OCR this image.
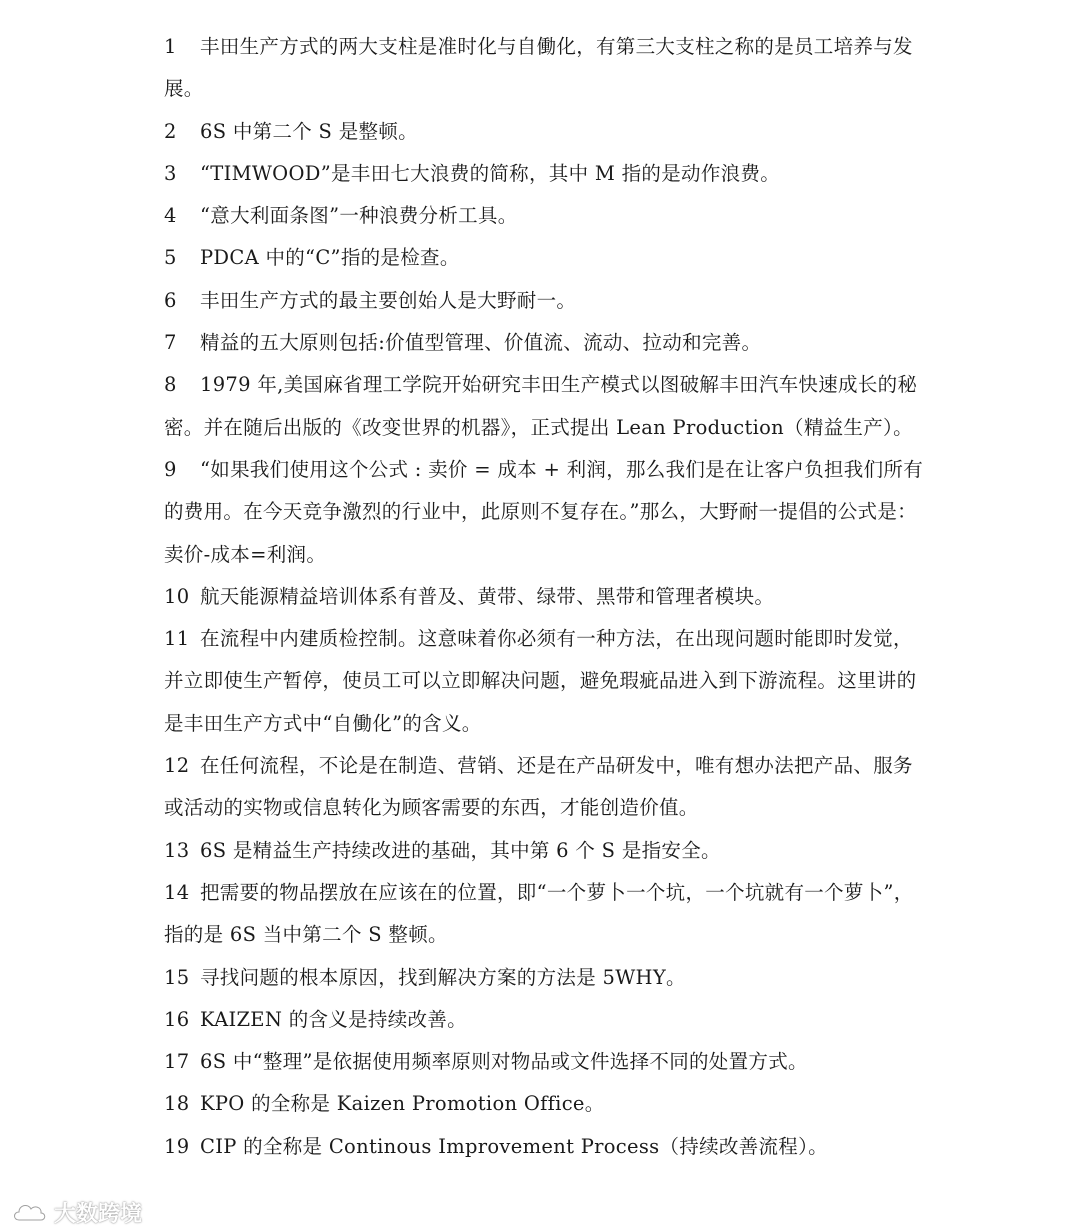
1 丰田生产方式的两大支柱是准时化与自働化，有第三大支柱之称的是员工培养与发展。

2 6S 中第二个 S 是整顿。

3 “TIMWOOD”是丰田七大浪费的简称，其中 M 指的是动作浪费。

4 “意大利面条图”一种浪费分析工具。

5 PDCA 中的“C”指的是检查。

6 丰田生产方式的最主要创始人是大野耐一。

7 精益的五大原则包括:价值型管理、价值流、流动、拉动和完善。

8 1979 年,美国麻省理工学院开始研究丰田生产模式以图破解丰田汽车快速成长的秘密。并在随后出版的《改变世界的机器》，正式提出 Lean Production（精益生产）。

9 “如果我们使用这个公式 : 卖价 = 成本 + 利润，那么我们是在让客户负担我们所有的费用。在今天竞争激烈的行业中，此原则不复存在。”那么，大野耐一提倡的公式是：卖价-成本=利润。

10 航天能源精益培训体系有普及、黄带、绿带、黑带和管理者模块。

11 在流程中内建质检控制。这意味着你必须有一种方法，在出现问题时能即时发觉，并立即使生产暂停，使员工可以立即解决问题，避免瑕疵品进入到下游流程。这里讲的是丰田生产方式中“自働化”的含义。

12 在任何流程，不论是在制造、营销、还是在产品研发中，唯有想办法把产品、服务或活动的实物或信息转化为顾客需要的东西，才能创造价值。

13 6S 是精益生产持续改进的基础，其中第 6 个 S 是指安全。

14 把需要的物品摆放在应该在的位置，即“一个萝卜一个坑，一个坑就有一个萝卜”，指的是 6S 当中第二个 S 整顿。

15 寻找问题的根本原因，找到解决方案的方法是 5WHY。

16 KAIZEN 的含义是持续改善。

17 6S 中“整理”是依据使用频率原则对物品或文件选择不同的处置方式。

18 KPO 的全称是 Kaizen Promotion Office。

19 CIP 的全称是 Continous Improvement Process（持续改善流程）。

大数跨境
